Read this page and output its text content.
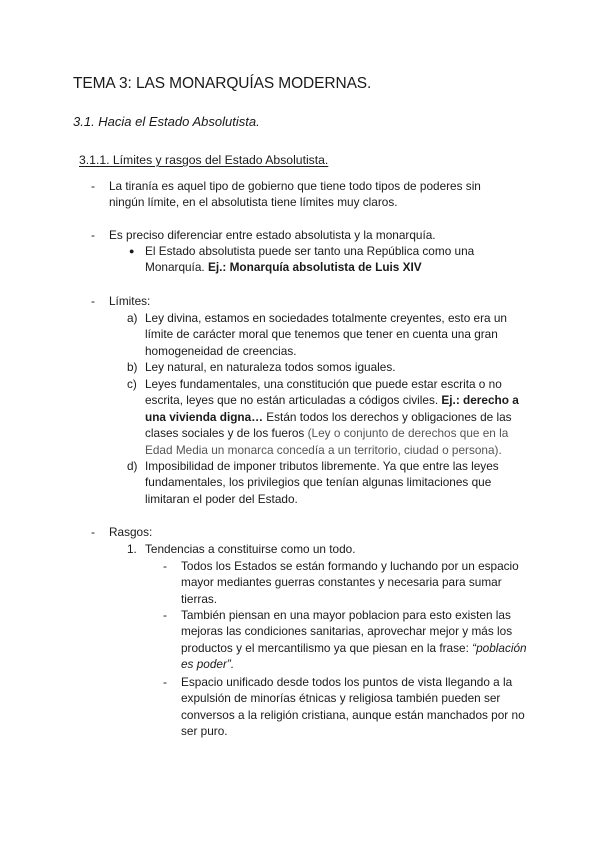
TEMA 3: LAS MONARQUÍAS MODERNAS.
3.1. Hacia el Estado Absolutista.
3.1.1. Límites y rasgos del Estado Absolutista.
- La tiranía es aquel tipo de gobierno que tiene todo tipos de poderes sin ningún límite, en el absolutista tiene límites muy claros.
- Es preciso diferenciar entre estado absolutista y la monarquía.
● El Estado absolutista puede ser tanto una República como una Monarquía. Ej.: Monarquía absolutista de Luis XIV
- Límites:
a) Ley divina, estamos en sociedades totalmente creyentes, esto era un límite de carácter moral que tenemos que tener en cuenta una gran homogeneidad de creencias.
b) Ley natural, en naturaleza todos somos iguales.
c) Leyes fundamentales, una constitución que puede estar escrita o no escrita, leyes que no están articuladas a códigos civiles. Ej.: derecho a una vivienda digna… Están todos los derechos y obligaciones de las clases sociales y de los fueros (Ley o conjunto de derechos que en la Edad Media un monarca concedía a un territorio, ciudad o persona).
d) Imposibilidad de imponer tributos libremente. Ya que entre las leyes fundamentales, los privilegios que tenían algunas limitaciones que limitaran el poder del Estado.
- Rasgos:
1. Tendencias a constituirse como un todo.
- Todos los Estados se están formando y luchando por un espacio mayor mediantes guerras constantes y necesaria para sumar tierras.
- También piensan en una mayor poblacion para esto existen las mejoras las condiciones sanitarias, aprovechar mejor y más los productos y el mercantilismo ya que piesan en la frase: “población es poder”.
- Espacio unificado desde todos los puntos de vista llegando a la expulsión de minorías étnicas y religiosa también pueden ser conversos a la religión cristiana, aunque están manchados por no ser puro.
